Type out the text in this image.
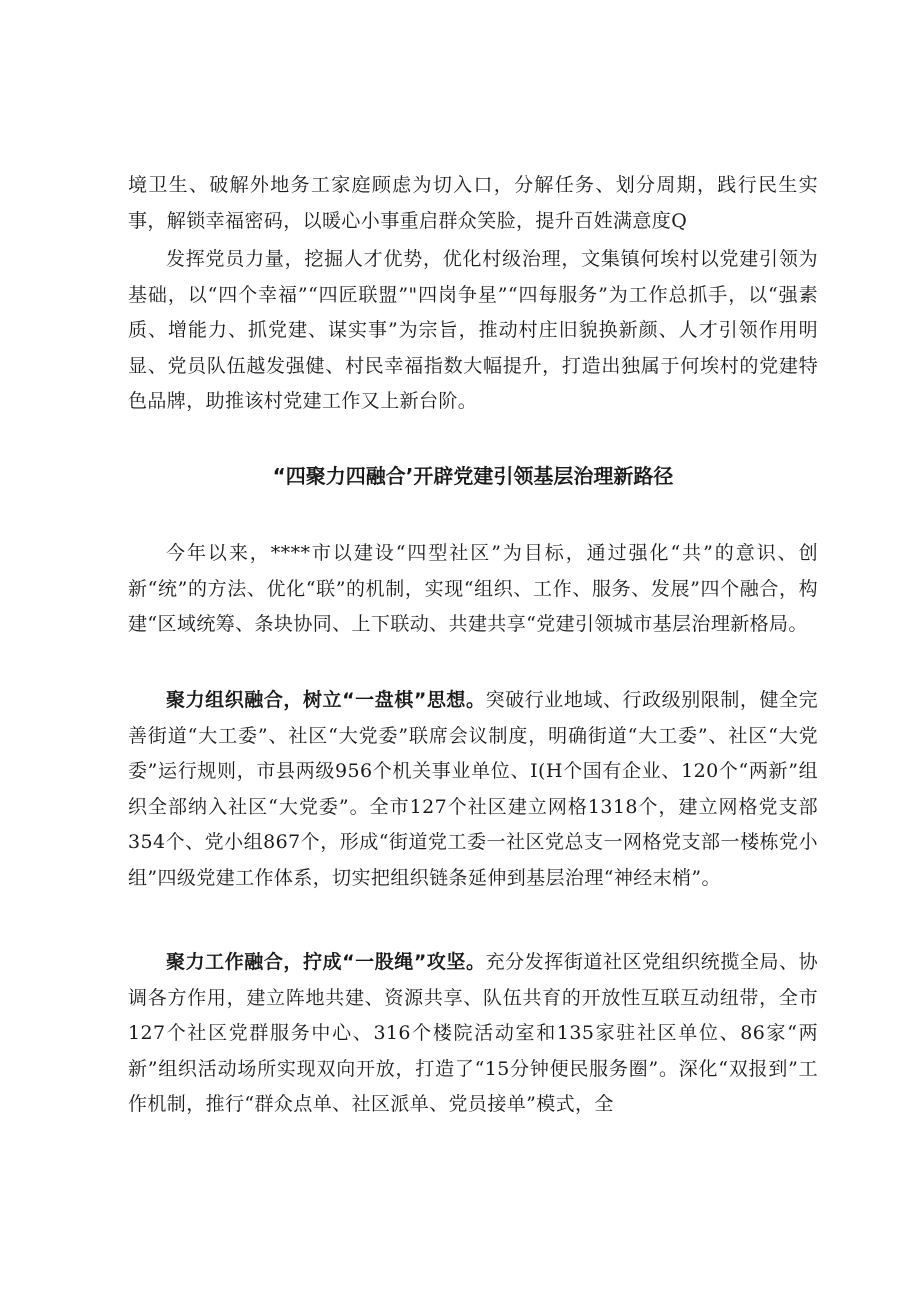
境卫生、破解外地务工家庭顾虑为切入口，分解任务、划分周期，践行民生实事，解锁幸福密码，以暖心小事重启群众笑脸，提升百姓满意度Q

发挥党员力量，挖掘人才优势，优化村级治理，文集镇何埃村以党建引领为基础，以“四个幸福”“四匠联盟”"四岗争星”“四每服务”为工作总抓手，以“强素质、增能力、抓党建、谋实事”为宗旨，推动村庄旧貌换新颜、人才引领作用明显、党员队伍越发强健、村民幸福指数大幅提升，打造出独属于何埃村的党建特色品牌，助推该村党建工作又上新台阶。

“四聚力四融合’开辟党建引领基层治理新路径

今年以来，****市以建设“四型社区”为目标，通过强化“共”的意识、创新“统”的方法、优化“联”的机制，实现“组织、工作、服务、发展”四个融合，构建“区域统筹、条块协同、上下联动、共建共享“党建引领城市基层治理新格局。

聚力组织融合，树立“一盘棋”思想。突破行业地域、行政级别限制，健全完善街道“大工委”、社区“大党委”联席会议制度，明确街道“大工委”、社区“大党委”运行规则，市县两级956个机关事业单位、I(H个国有企业、120个“两新”组织全部纳入社区“大党委”。全市127个社区建立网格1318个，建立网格党支部354个、党小组867个，形成“街道党工委一社区党总支一网格党支部一楼栋党小组”四级党建工作体系，切实把组织链条延伸到基层治理“神经末梢”。

聚力工作融合，拧成“一股绳”攻坚。充分发挥街道社区党组织统揽全局、协调各方作用，建立阵地共建、资源共享、队伍共育的开放性互联互动纽带，全市127个社区党群服务中心、316个楼院活动室和135家驻社区单位、86家“两新”组织活动场所实现双向开放，打造了“15分钟便民服务圈”。深化“双报到”工作机制，推行“群众点单、社区派单、党员接单”模式，全
